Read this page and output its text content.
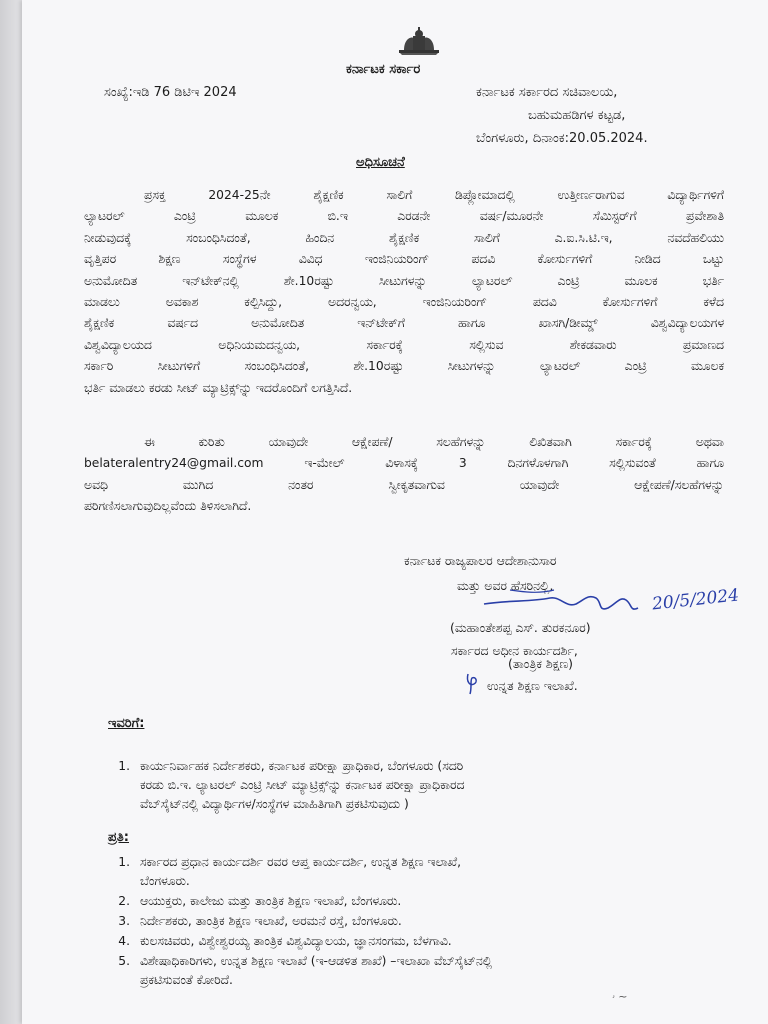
ಕರ್ನಾಟಕ ಸರ್ಕಾರ
ಸಂಖ್ಯೆ:ಇಡಿ 76 ಡಿಟಿಇ 2024	ಕರ್ನಾಟಕ ಸರ್ಕಾರದ ಸಚಿವಾಲಯ,
ಬಹುಮಹಡಿಗಳ ಕಟ್ಟಡ,
ಬೆಂಗಳೂರು, ದಿನಾಂಕ:20.05.2024.
ಅಧಿಸೂಚನೆ

ಪ್ರಸಕ್ತ 2024-25ನೇ ಶೈಕ್ಷಣಿಕ ಸಾಲಿಗೆ ಡಿಪ್ಲೋಮಾದಲ್ಲಿ ಉತ್ತೀರ್ಣರಾಗುವ ವಿದ್ಯಾರ್ಥಿಗಳಿಗೆ

ಲ್ಯಾಟರಲ್ ಎಂಟ್ರಿ ಮೂಲಕ ಬಿ.ಇ ಎರಡನೇ ವರ್ಷ/ಮೂರನೇ ಸೆಮಿಸ್ಟರ್‌ಗೆ ಪ್ರವೇಶಾತಿ

ನೀಡುವುದಕ್ಕೆ ಸಂಬಂಧಿಸಿದಂತೆ, ಹಿಂದಿನ ಶೈಕ್ಷಣಿಕ ಸಾಲಿಗೆ ಎ.ಐ.ಸಿ.ಟಿ.ಇ, ನವದೆಹಲಿಯು

ವೃತ್ತಿಪರ ಶಿಕ್ಷಣ ಸಂಸ್ಥೆಗಳ ವಿವಿಧ ಇಂಜಿನಿಯರಿಂಗ್ ಪದವಿ ಕೋರ್ಸುಗಳಿಗೆ ನೀಡಿದ ಒಟ್ಟು

ಅನುಮೋದಿತ ಇನ್‌ಟೇಕ್‌ನಲ್ಲಿ ಶೇ.10ರಷ್ಟು ಸೀಟುಗಳನ್ನು ಲ್ಯಾಟರಲ್ ಎಂಟ್ರಿ ಮೂಲಕ ಭರ್ತಿ

ಮಾಡಲು ಅವಕಾಶ ಕಲ್ಪಿಸಿದ್ದು, ಅದರನ್ವಯ, ಇಂಜಿನಿಯರಿಂಗ್ ಪದವಿ ಕೋರ್ಸುಗಳಿಗೆ ಕಳೆದ

ಶೈಕ್ಷಣಿಕ ವರ್ಷದ ಅನುಮೋದಿತ ಇನ್‌ಟೇಕ್‌ಗೆ ಹಾಗೂ ಖಾಸಗಿ/ಡೀಮ್ಡ್ ವಿಶ್ವವಿದ್ಯಾಲಯಗಳ

ವಿಶ್ವವಿದ್ಯಾಲಯದ ಅಧಿನಿಯಮದನ್ವಯ, ಸರ್ಕಾರಕ್ಕೆ ಸಲ್ಲಿಸುವ ಶೇಕಡವಾರು ಪ್ರಮಾಣದ

ಸರ್ಕಾರಿ ಸೀಟುಗಳಿಗೆ ಸಂಬಂಧಿಸಿದಂತೆ, ಶೇ.10ರಷ್ಟು ಸೀಟುಗಳನ್ನು ಲ್ಯಾಟರಲ್ ಎಂಟ್ರಿ ಮೂಲಕ

ಭರ್ತಿ ಮಾಡಲು ಕರಡು ಸೀಟ್ ಮ್ಯಾಟ್ರಿಕ್ಸ್‌ನ್ನು ಇದರೊಂದಿಗೆ ಲಗತ್ತಿಸಿದೆ.

ಈ ಕುರಿತು ಯಾವುದೇ ಆಕ್ಷೇಪಣೆ/ ಸಲಹೆಗಳನ್ನು ಲಿಖಿತವಾಗಿ ಸರ್ಕಾರಕ್ಕೆ ಅಥವಾ

belateralentry24@gmail.com ಇ-ಮೇಲ್ ವಿಳಾಸಕ್ಕೆ 3 ದಿನಗಳೊಳಗಾಗಿ ಸಲ್ಲಿಸುವಂತೆ ಹಾಗೂ

ಅವಧಿ ಮುಗಿದ ನಂತರ ಸ್ವೀಕೃತವಾಗುವ ಯಾವುದೇ ಆಕ್ಷೇಪಣೆ/ಸಲಹೆಗಳನ್ನು

ಪರಿಗಣಿಸಲಾಗುವುದಿಲ್ಲವೆಂದು ತಿಳಿಸಲಾಗಿದೆ.

ಕರ್ನಾಟಕ ರಾಜ್ಯಪಾಲರ ಆದೇಶಾನುಸಾರ
ಮತ್ತು ಅವರ ಹೆಸರಿನಲ್ಲಿ,	20/5/2024
(ಮಹಾಂತೇಶಪ್ಪ ಎಸ್. ತುರಕನೂರ)
ಸರ್ಕಾರದ ಅಧೀನ ಕಾರ್ಯದರ್ಶಿ,
(ತಾಂತ್ರಿಕ ಶಿಕ್ಷಣ)
ಉನ್ನತ ಶಿಕ್ಷಣ ಇಲಾಖೆ.
ಇವರಿಗೆ:
1. ಕಾರ್ಯನಿರ್ವಾಹಕ ನಿರ್ದೇಶಕರು, ಕರ್ನಾಟಕ ಪರೀಕ್ಷಾ ಪ್ರಾಧಿಕಾರ, ಬೆಂಗಳೂರು (ಸದರಿ
ಕರಡು ಬಿ.ಇ. ಲ್ಯಾಟರಲ್ ಎಂಟ್ರಿ ಸೀಟ್ ಮ್ಯಾಟ್ರಿಕ್ಸ್‌ನ್ನು ಕರ್ನಾಟಕ ಪರೀಕ್ಷಾ ಪ್ರಾಧಿಕಾರದ
ವೆಬ್‌ಸೈಟ್‌ನಲ್ಲಿ ವಿದ್ಯಾರ್ಥಿಗಳ/ಸಂಸ್ಥೆಗಳ ಮಾಹಿತಿಗಾಗಿ ಪ್ರಕಟಿಸುವುದು )
ಪ್ರತಿ:
1. ಸರ್ಕಾರದ ಪ್ರಧಾನ ಕಾರ್ಯದರ್ಶಿ ರವರ ಆಪ್ತ ಕಾರ್ಯದರ್ಶಿ, ಉನ್ನತ ಶಿಕ್ಷಣ ಇಲಾಖೆ,
ಬೆಂಗಳೂರು.
2. ಆಯುಕ್ತರು, ಕಾಲೇಜು ಮತ್ತು ತಾಂತ್ರಿಕ ಶಿಕ್ಷಣ ಇಲಾಖೆ, ಬೆಂಗಳೂರು.
3. ನಿರ್ದೇಶಕರು, ತಾಂತ್ರಿಕ ಶಿಕ್ಷಣ ಇಲಾಖೆ, ಅರಮನೆ ರಸ್ತೆ, ಬೆಂಗಳೂರು.
4. ಕುಲಸಚಿವರು, ವಿಶ್ವೇಶ್ವರಯ್ಯ ತಾಂತ್ರಿಕ ವಿಶ್ವವಿದ್ಯಾಲಯ, ಜ್ಞಾನಸಂಗಮ, ಬೆಳಗಾವಿ.
5. ವಿಶೇಷಾಧಿಕಾರಿಗಳು, ಉನ್ನತ ಶಿಕ್ಷಣ ಇಲಾಖೆ (ಇ-ಆಡಳಿತ ಶಾಖೆ) –ಇಲಾಖಾ ವೆಬ್‌ಸೈಟ್‌ನಲ್ಲಿ
ಪ್ರಕಟಿಸುವಂತೆ ಕೋರಿದೆ.
ۥ ~
